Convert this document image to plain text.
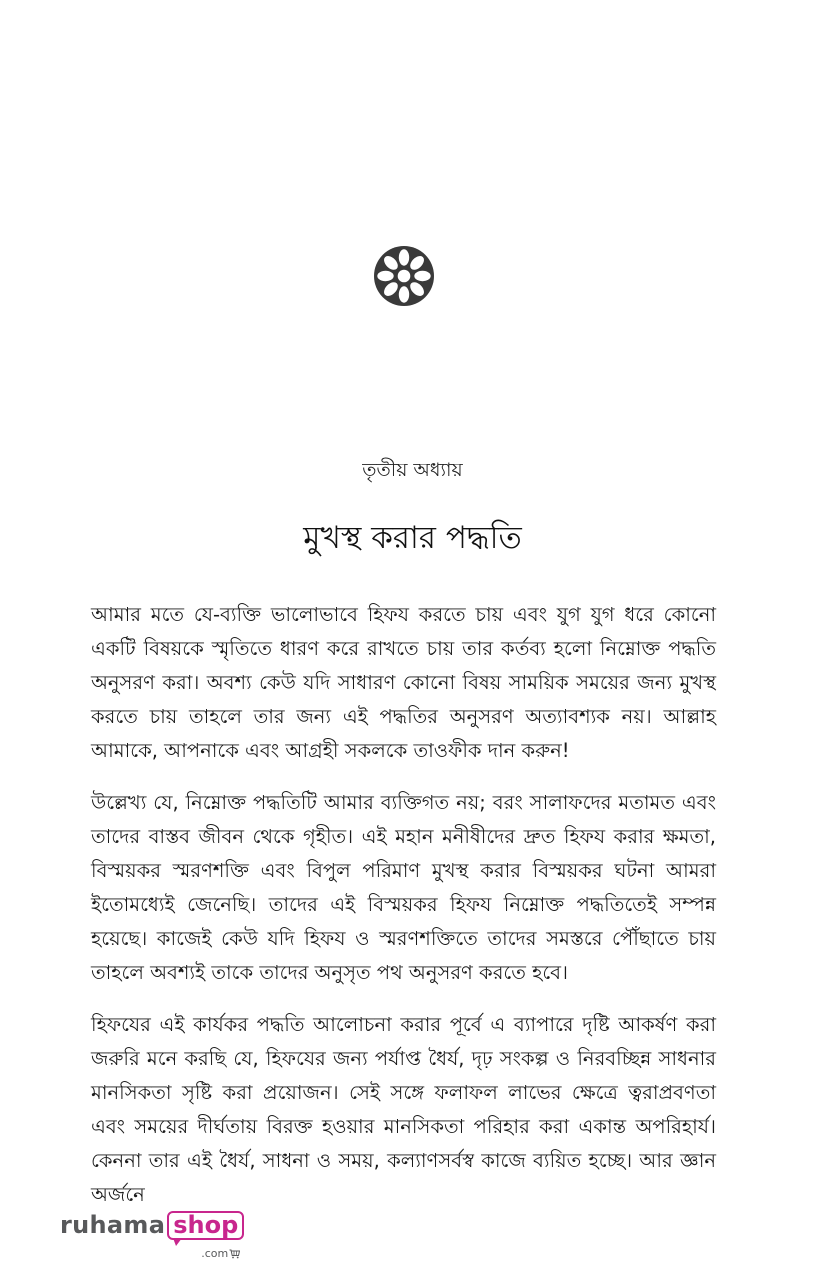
তৃতীয় অধ্যায়
মুখস্থ করার পদ্ধতি

আমার মতে যে-ব্যক্তি ভালোভাবে হিফয করতে চায় এবং যুগ যুগ ধরে কোনো একটি বিষয়কে স্মৃতিতে ধারণ করে রাখতে চায় তার কর্তব্য হলো নিম্নোক্ত পদ্ধতি অনুসরণ করা। অবশ্য কেউ যদি সাধারণ কোনো বিষয় সাময়িক সময়ের জন্য মুখস্থ করতে চায় তাহলে তার জন্য এই পদ্ধতির অনুসরণ অত্যাবশ্যক নয়। আল্লাহ আমাকে, আপনাকে এবং আগ্রহী সকলকে তাওফীক দান করুন!

উল্লেখ্য যে, নিম্নোক্ত পদ্ধতিটি আমার ব্যক্তিগত নয়; বরং সালাফদের মতামত এবং তাদের বাস্তব জীবন থেকে গৃহীত। এই মহান মনীষীদের দ্রুত হিফয করার ক্ষমতা, বিস্ময়কর স্মরণশক্তি এবং বিপুল পরিমাণ মুখস্থ করার বিস্ময়কর ঘটনা আমরা ইতোমধ্যেই জেনেছি। তাদের এই বিস্ময়কর হিফয নিম্নোক্ত পদ্ধতিতেই সম্পন্ন হয়েছে। কাজেই কেউ যদি হিফয ও স্মরণশক্তিতে তাদের সমস্তরে পৌঁছাতে চায় তাহলে অবশ্যই তাকে তাদের অনুসৃত পথ অনুসরণ করতে হবে।

হিফযের এই কার্যকর পদ্ধতি আলোচনা করার পূর্বে এ ব্যাপারে দৃষ্টি আকর্ষণ করা জরুরি মনে করছি যে, হিফযের জন্য পর্যাপ্ত ধৈর্য, দৃঢ় সংকল্প ও নিরবচ্ছিন্ন সাধনার মানসিকতা সৃষ্টি করা প্রয়োজন। সেই সঙ্গে ফলাফল লাভের ক্ষেত্রে ত্বরাপ্রবণতা এবং সময়ের দীর্ঘতায় বিরক্ত হওয়ার মানসিকতা পরিহার করা একান্ত অপরিহার্য। কেননা তার এই ধৈর্য, সাধনা ও সময়, কল্যাণসর্বস্ব কাজে ব্যয়িত হচ্ছে। আর জ্ঞান অর্জনে

ruhama shop
.com
